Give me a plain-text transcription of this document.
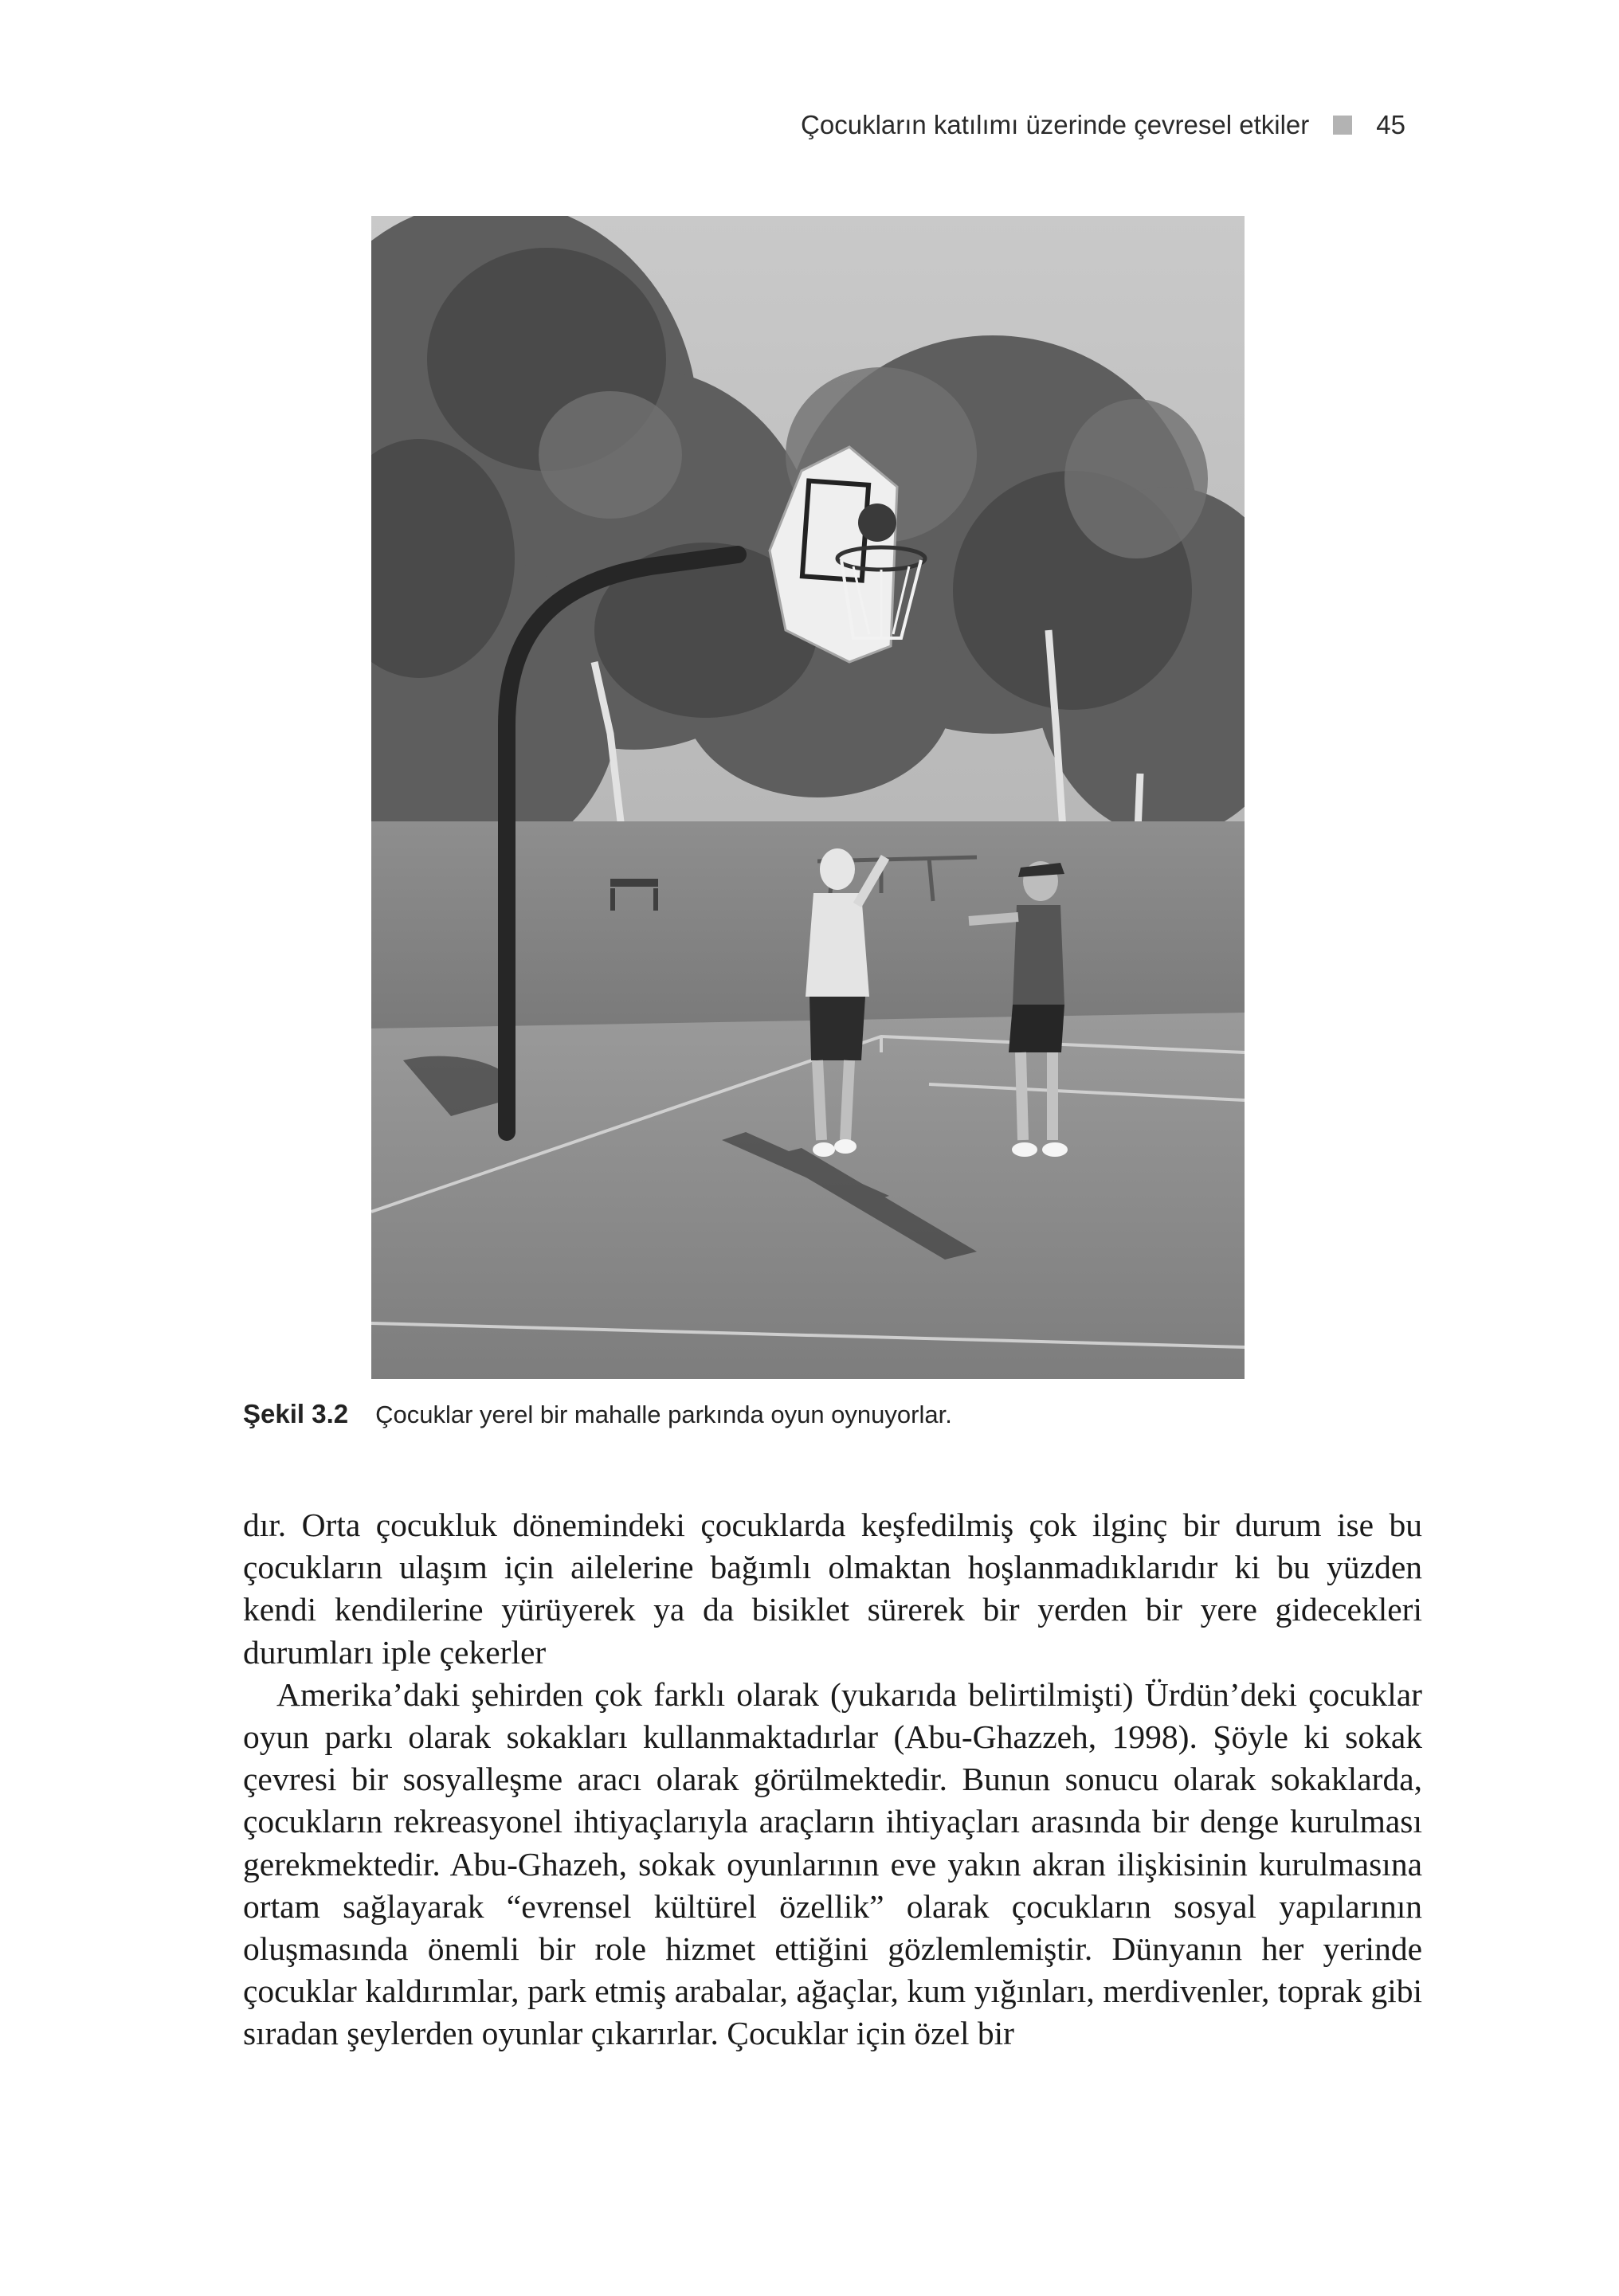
Çocukların katılımı üzerinde çevresel etkiler	45
Şekil 3.2 Çocuklar yerel bir mahalle parkında oyun oynuyorlar.

dır. Orta çocukluk dönemindeki çocuklarda keşfedilmiş çok ilginç bir durum ise bu çocukların ulaşım için ailelerine bağımlı olmaktan hoşlanmadıklarıdır ki bu yüzden kendi kendilerine yürüyerek ya da bisiklet sürerek bir yerden bir yere gidecekleri durumları iple çekerler

Amerika’daki şehirden çok farklı olarak (yukarıda belirtilmişti) Ürdün’deki çocuklar oyun parkı olarak sokakları kullanmaktadırlar (Abu-Ghazzeh, 1998). Şöyle ki sokak çevresi bir sosyalleşme aracı olarak görülmektedir. Bunun sonucu olarak sokaklarda, çocukların rekreasyonel ihtiyaçlarıyla araçların ihtiyaçları arasında bir denge kurulması gerekmektedir. Abu-Ghazeh, sokak oyunlarının eve yakın akran ilişkisinin kurulmasına ortam sağlayarak “evrensel kültürel özellik” olarak çocukların sosyal yapılarının oluşmasında önemli bir role hizmet ettiğini gözlemlemiştir. Dünyanın her yerinde çocuklar kaldırımlar, park etmiş arabalar, ağaçlar, kum yığınları, merdivenler, toprak gibi sıradan şeylerden oyunlar çıkarırlar. Çocuklar için özel bir
